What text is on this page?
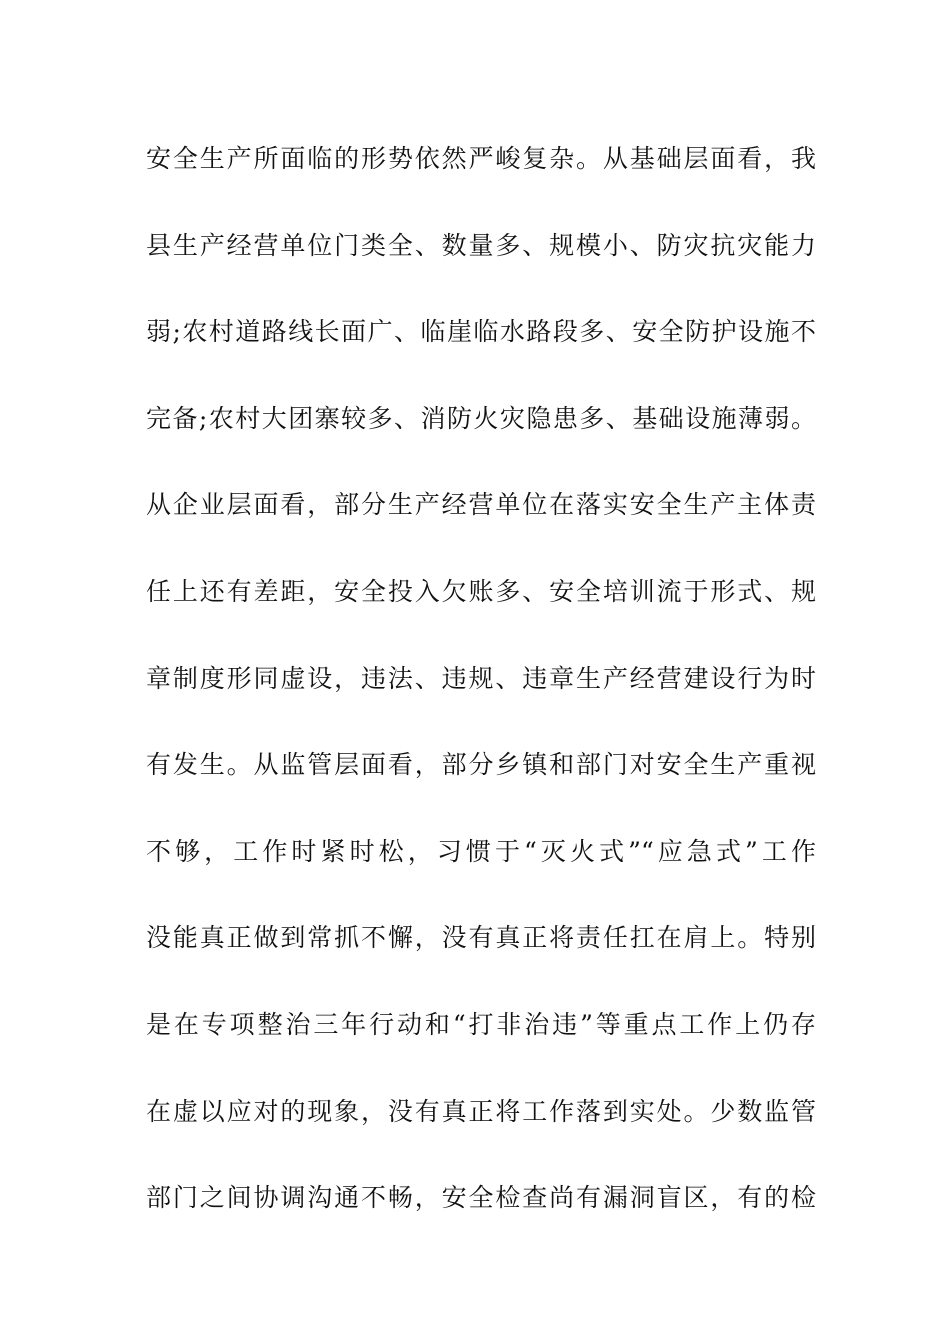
安全生产所面临的形势依然严峻复杂。从基础层面看，我
县生产经营单位门类全、数量多、规模小、防灾抗灾能力
弱;农村道路线长面广、临崖临水路段多、安全防护设施不
完备;农村大团寨较多、消防火灾隐患多、基础设施薄弱。
从企业层面看，部分生产经营单位在落实安全生产主体责
任上还有差距，安全投入欠账多、安全培训流于形式、规
章制度形同虚设，违法、违规、违章生产经营建设行为时
有发生。从监管层面看，部分乡镇和部门对安全生产重视
不够，工作时紧时松，习惯于“灭火式”“应急式”工作
没能真正做到常抓不懈，没有真正将责任扛在肩上。特别
是在专项整治三年行动和“打非治违”等重点工作上仍存
在虚以应对的现象，没有真正将工作落到实处。少数监管
部门之间协调沟通不畅，安全检查尚有漏洞盲区，有的检
